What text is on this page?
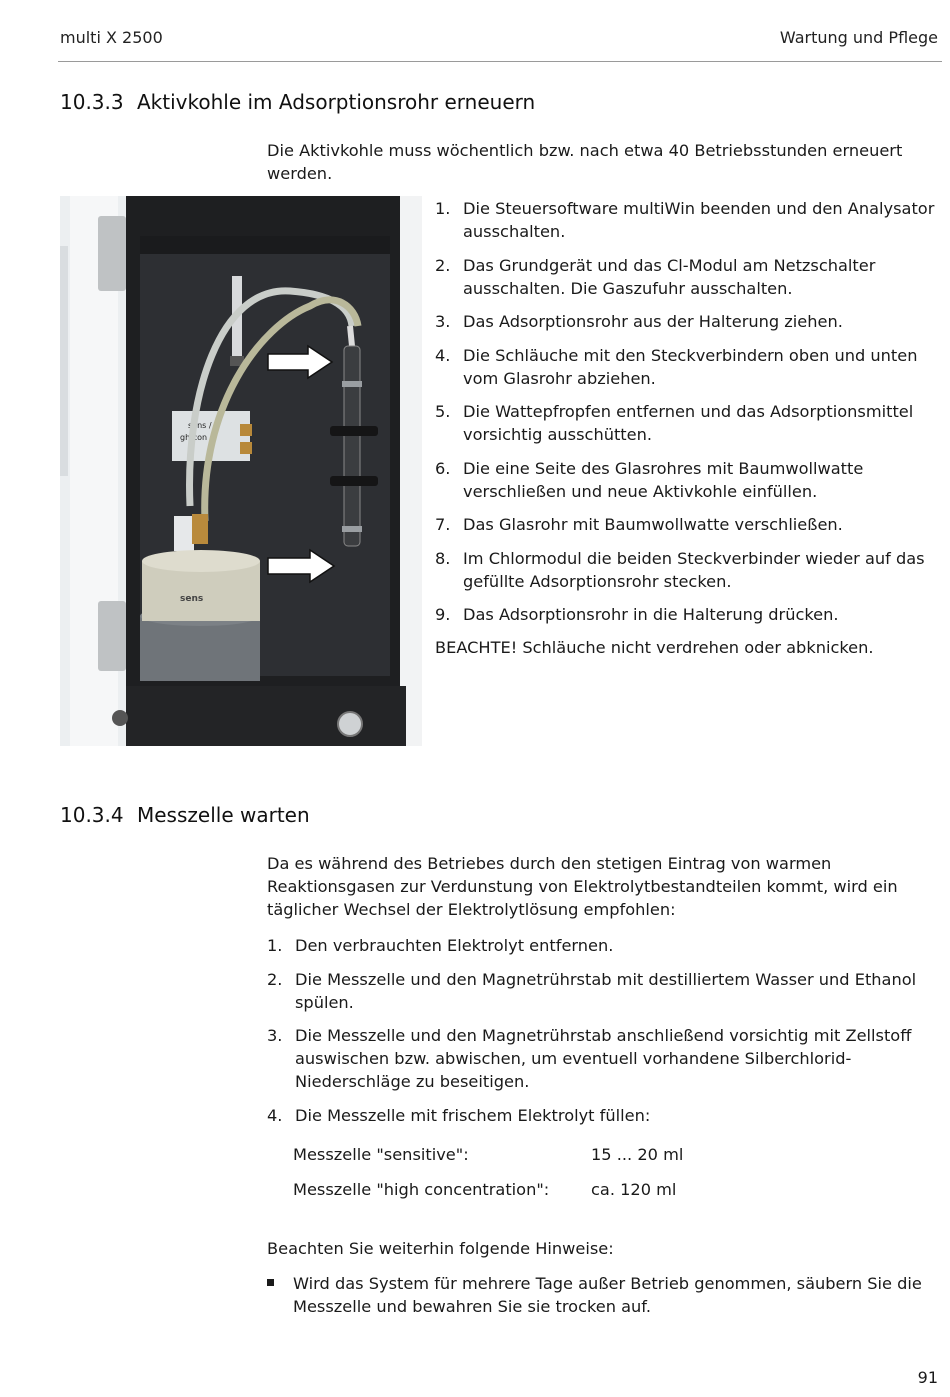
multi X 2500	Wartung und Pflege
10.3.3 Aktivkohle im Adsorptionsrohr erneuern
Die Aktivkohle muss wöchentlich bzw. nach etwa 40 Betriebsstunden erneuert werden.
sens /
gh con
sens
1. Die Steuersoftware multiWin beenden und den Analysator ausschalten.
2. Das Grundgerät und das Cl-Modul am Netzschalter ausschalten. Die Gaszufuhr ausschalten.
3. Das Adsorptionsrohr aus der Halterung ziehen.
4. Die Schläuche mit den Steckverbindern oben und unten vom Glasrohr abziehen.
5. Die Wattepfropfen entfernen und das Adsorptionsmittel vorsichtig ausschütten.
6. Die eine Seite des Glasrohres mit Baumwollwatte verschließen und neue Aktivkohle einfüllen.
7. Das Glasrohr mit Baumwollwatte verschließen.
8. Im Chlormodul die beiden Steckverbinder wieder auf das gefüllte Adsorptionsrohr stecken.
9. Das Adsorptionsrohr in die Halterung drücken.
BEACHTE! Schläuche nicht verdrehen oder abknicken.
10.3.4 Messzelle warten
Da es während des Betriebes durch den stetigen Eintrag von warmen Reaktionsgasen zur Verdunstung von Elektrolytbestandteilen kommt, wird ein täglicher Wechsel der Elektrolytlösung empfohlen:
1. Den verbrauchten Elektrolyt entfernen.
2. Die Messzelle und den Magnetrührstab mit destilliertem Wasser und Ethanol spülen.
3. Die Messzelle und den Magnetrührstab anschließend vorsichtig mit Zellstoff auswischen bzw. abwischen, um eventuell vorhandene Silberchlorid-Niederschläge zu beseitigen.
4. Die Messzelle mit frischem Elektrolyt füllen:
Messzelle "sensitive":	15 ... 20 ml
Messzelle "high concentration":	ca. 120 ml
Beachten Sie weiterhin folgende Hinweise:
Wird das System für mehrere Tage außer Betrieb genommen, säubern Sie die Messzelle und bewahren Sie sie trocken auf.
91
